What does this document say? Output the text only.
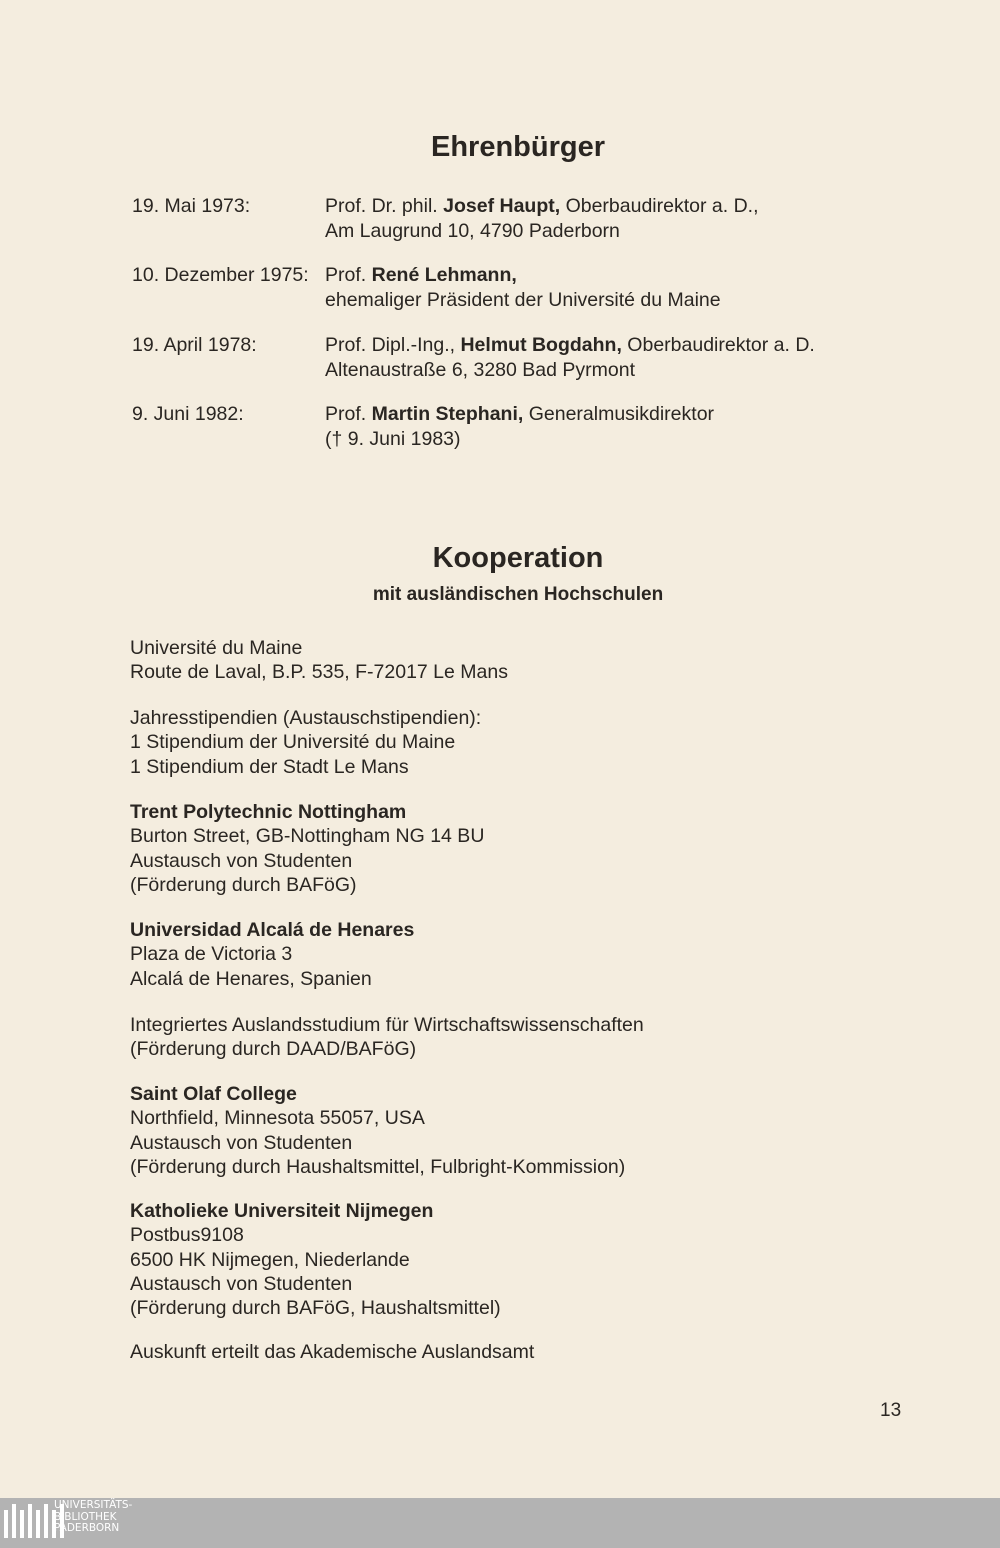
Ehrenbürger
19. Mai 1973:	Prof. Dr. phil. Josef Haupt, Oberbaudirektor a. D.,
Am Laugrund 10, 4790 Paderborn
10. Dezember 1975: Prof. René Lehmann,
ehemaliger Präsident der Université du Maine
19. April 1978:	Prof. Dipl.-Ing., Helmut Bogdahn, Oberbaudirektor a. D.
Altenaustraße 6, 3280 Bad Pyrmont
9. Juni 1982:	Prof. Martin Stephani, Generalmusikdirektor
(† 9. Juni 1983)
Kooperation
mit ausländischen Hochschulen
Université du Maine
Route de Laval, B.P. 535, F-72017 Le Mans
Jahresstipendien (Austauschstipendien):
1 Stipendium der Université du Maine
1 Stipendium der Stadt Le Mans
Trent Polytechnic Nottingham
Burton Street, GB-Nottingham NG 14 BU
Austausch von Studenten
(Förderung durch BAFöG)
Universidad Alcalá de Henares
Plaza de Victoria 3
Alcalá de Henares, Spanien
Integriertes Auslandsstudium für Wirtschaftswissenschaften
(Förderung durch DAAD/BAFöG)
Saint Olaf College
Northfield, Minnesota 55057, USA
Austausch von Studenten
(Förderung durch Haushaltsmittel, Fulbright-Kommission)
Katholieke Universiteit Nijmegen
Postbus9108
6500 HK Nijmegen, Niederlande
Austausch von Studenten
(Förderung durch BAFöG, Haushaltsmittel)
Auskunft erteilt das Akademische Auslandsamt
13
UNIVERSITÄTS-
BIBLIOTHEK
PADERBORN
